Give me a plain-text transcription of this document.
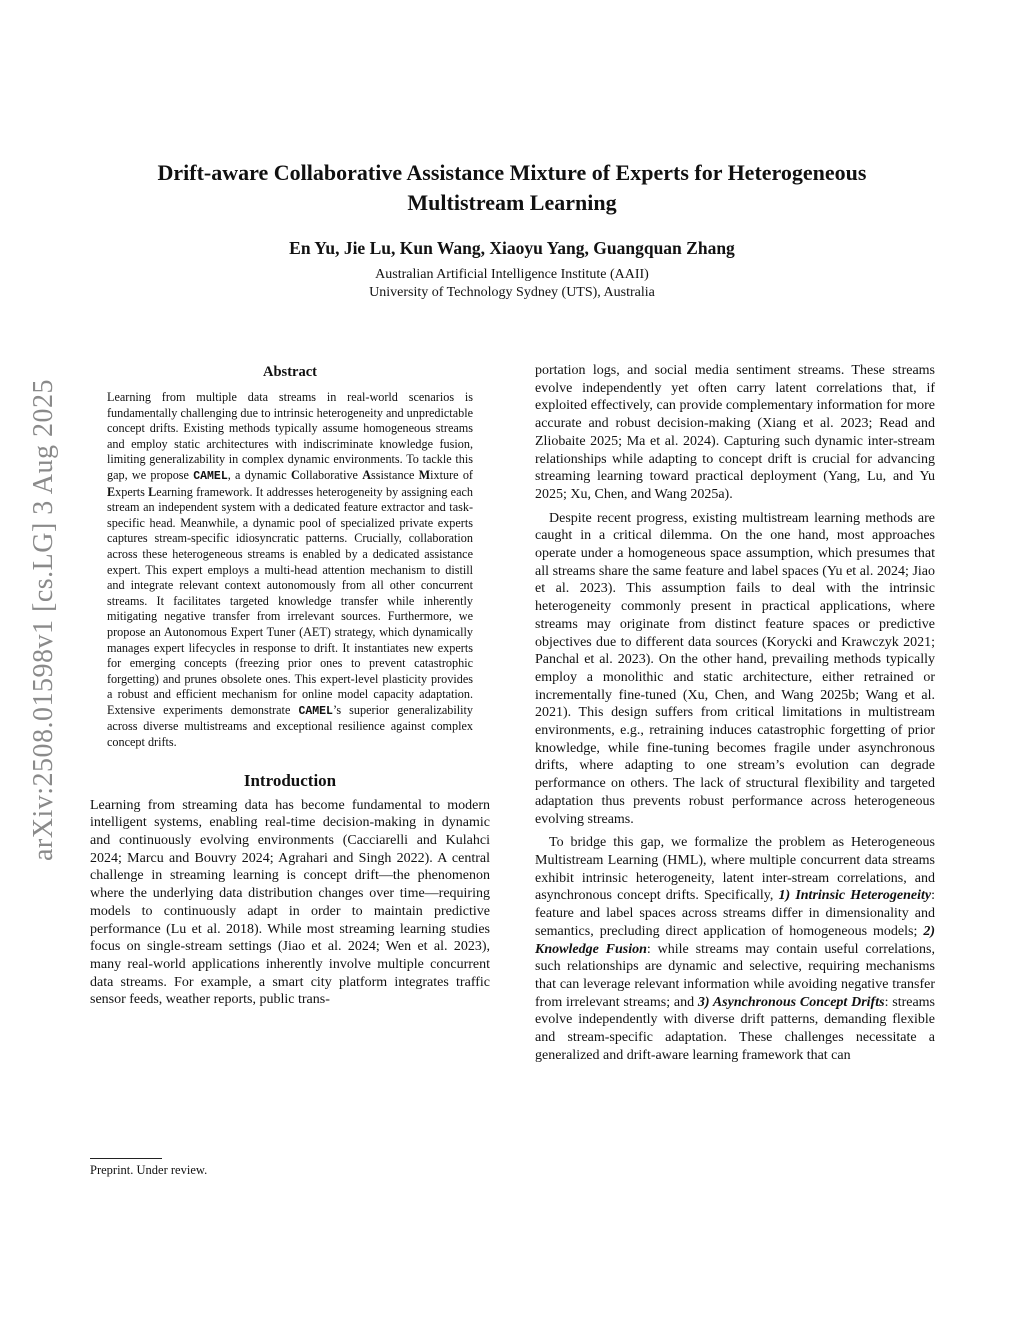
arXiv:2508.01598v1 [cs.LG] 3 Aug 2025
Drift-aware Collaborative Assistance Mixture of Experts for Heterogeneous
Multistream Learning
En Yu, Jie Lu, Kun Wang, Xiaoyu Yang, Guangquan Zhang
Australian Artificial Intelligence Institute (AAII)
University of Technology Sydney (UTS), Australia
Abstract

Learning from multiple data streams in real-world scenarios is fundamentally challenging due to intrinsic heterogeneity and unpredictable concept drifts. Existing methods typically assume homogeneous streams and employ static architectures with indiscriminate knowledge fusion, limiting generalizability in complex dynamic environments. To tackle this gap, we propose CAMEL, a dynamic Collaborative Assistance Mixture of Experts Learning framework. It addresses heterogeneity by assigning each stream an independent system with a dedicated feature extractor and task-specific head. Meanwhile, a dynamic pool of specialized private experts captures stream-specific idiosyncratic patterns. Crucially, collaboration across these heterogeneous streams is enabled by a dedicated assistance expert. This expert employs a multi-head attention mechanism to distill and integrate relevant context autonomously from all other concurrent streams. It facilitates targeted knowledge transfer while inherently mitigating negative transfer from irrelevant sources. Furthermore, we propose an Autonomous Expert Tuner (AET) strategy, which dynamically manages expert lifecycles in response to drift. It instantiates new experts for emerging concepts (freezing prior ones to prevent catastrophic forgetting) and prunes obsolete ones. This expert-level plasticity provides a robust and efficient mechanism for online model capacity adaptation. Extensive experiments demonstrate CAMEL’s superior generalizability across diverse multistreams and exceptional resilience against complex concept drifts.

Introduction

Learning from streaming data has become fundamental to modern intelligent systems, enabling real-time decision-making in dynamic and continuously evolving environments (Cacciarelli and Kulahci 2024; Marcu and Bouvry 2024; Agrahari and Singh 2022). A central challenge in streaming learning is concept drift—the phenomenon where the underlying data distribution changes over time—requiring models to continuously adapt in order to maintain predictive performance (Lu et al. 2018). While most streaming learning studies focus on single-stream settings (Jiao et al. 2024; Wen et al. 2023), many real-world applications inherently involve multiple concurrent data streams. For example, a smart city platform integrates traffic sensor feeds, weather reports, public trans-

portation logs, and social media sentiment streams. These streams evolve independently yet often carry latent correlations that, if exploited effectively, can provide complementary information for more accurate and robust decision-making (Xiang et al. 2023; Read and Zliobaite 2025; Ma et al. 2024). Capturing such dynamic inter-stream relationships while adapting to concept drift is crucial for advancing streaming learning toward practical deployment (Yang, Lu, and Yu 2025; Xu, Chen, and Wang 2025a).

Despite recent progress, existing multistream learning methods are caught in a critical dilemma. On the one hand, most approaches operate under a homogeneous space assumption, which presumes that all streams share the same feature and label spaces (Yu et al. 2024; Jiao et al. 2023). This assumption fails to deal with the intrinsic heterogeneity commonly present in practical applications, where streams may originate from distinct feature spaces or predictive objectives due to different data sources (Korycki and Krawczyk 2021; Panchal et al. 2023). On the other hand, prevailing methods typically employ a monolithic and static architecture, either retrained or incrementally fine-tuned (Xu, Chen, and Wang 2025b; Wang et al. 2021). This design suffers from critical limitations in multistream environments, e.g., retraining induces catastrophic forgetting of prior knowledge, while fine-tuning becomes fragile under asynchronous drifts, where adapting to one stream’s evolution can degrade performance on others. The lack of structural flexibility and targeted adaptation thus prevents robust performance across heterogeneous evolving streams.

To bridge this gap, we formalize the problem as Heterogeneous Multistream Learning (HML), where multiple concurrent data streams exhibit intrinsic heterogeneity, latent inter-stream correlations, and asynchronous concept drifts. Specifically, 1) Intrinsic Heterogeneity: feature and label spaces across streams differ in dimensionality and semantics, precluding direct application of homogeneous models; 2) Knowledge Fusion: while streams may contain useful correlations, such relationships are dynamic and selective, requiring mechanisms that can leverage relevant information while avoiding negative transfer from irrelevant streams; and 3) Asynchronous Concept Drifts: streams evolve independently with diverse drift patterns, demanding flexible and stream-specific adaptation. These challenges necessitate a generalized and drift-aware learning framework that can

Preprint. Under review.
